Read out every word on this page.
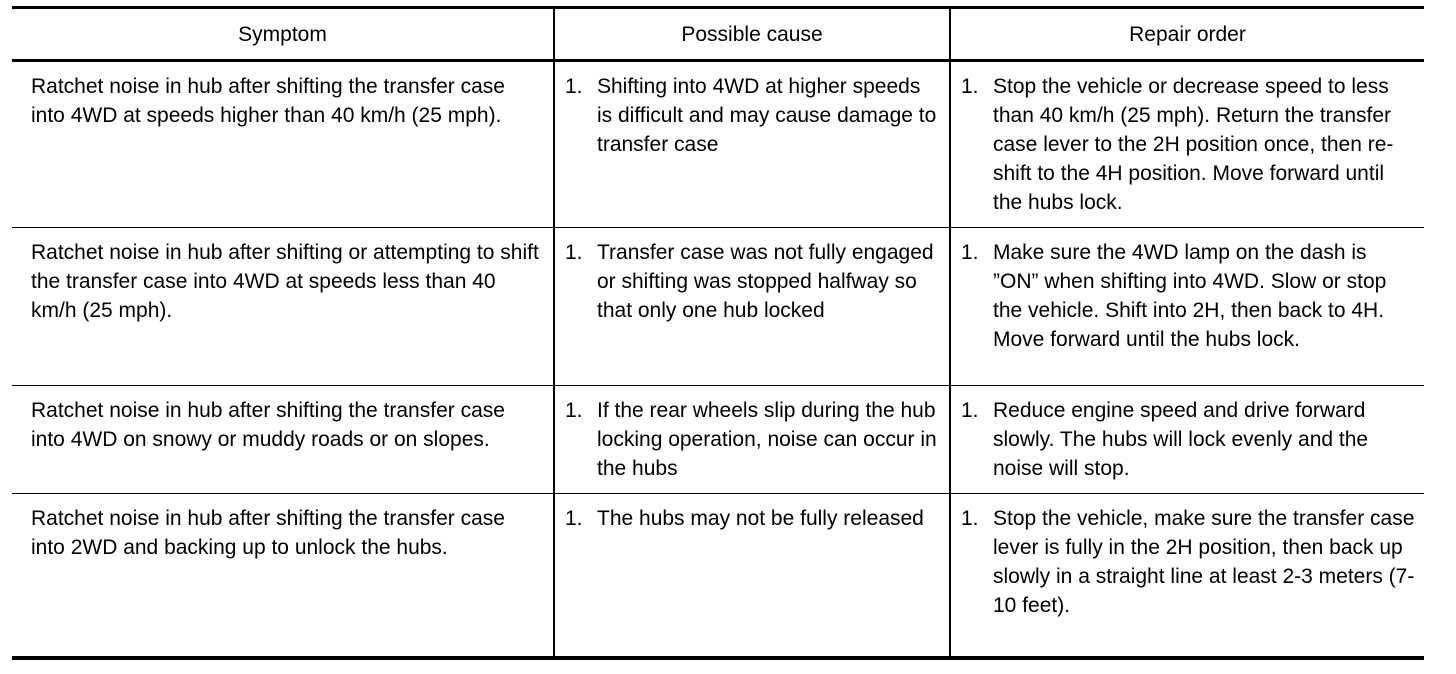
Symptom	Possible cause	Repair order

Ratchet noise in hub after shifting the transfer case into 4WD at speeds higher than 40 km/h (25 mph).	1. Shifting into 4WD at higher speeds is difficult and may cause damage to transfer case	1. Stop the vehicle or decrease speed to less than 40 km/h (25 mph). Return the transfer case lever to the 2H position once, then re-shift to the 4H position. Move forward until the hubs lock.

Ratchet noise in hub after shifting or attempting to shift the transfer case into 4WD at speeds less than 40 km/h (25 mph).	1. Transfer case was not fully engaged or shifting was stopped halfway so that only one hub locked	1. Make sure the 4WD lamp on the dash is ”ON” when shifting into 4WD. Slow or stop the vehicle. Shift into 2H, then back to 4H. Move forward until the hubs lock.

Ratchet noise in hub after shifting the transfer case into 4WD on snowy or muddy roads or on slopes.	1. If the rear wheels slip during the hub locking operation, noise can occur in the hubs	1. Reduce engine speed and drive forward slowly. The hubs will lock evenly and the noise will stop.

Ratchet noise in hub after shifting the transfer case into 2WD and backing up to unlock the hubs.	1. The hubs may not be fully released	1. Stop the vehicle, make sure the transfer case lever is fully in the 2H position, then back up slowly in a straight line at least 2-3 meters (7-10 feet).
